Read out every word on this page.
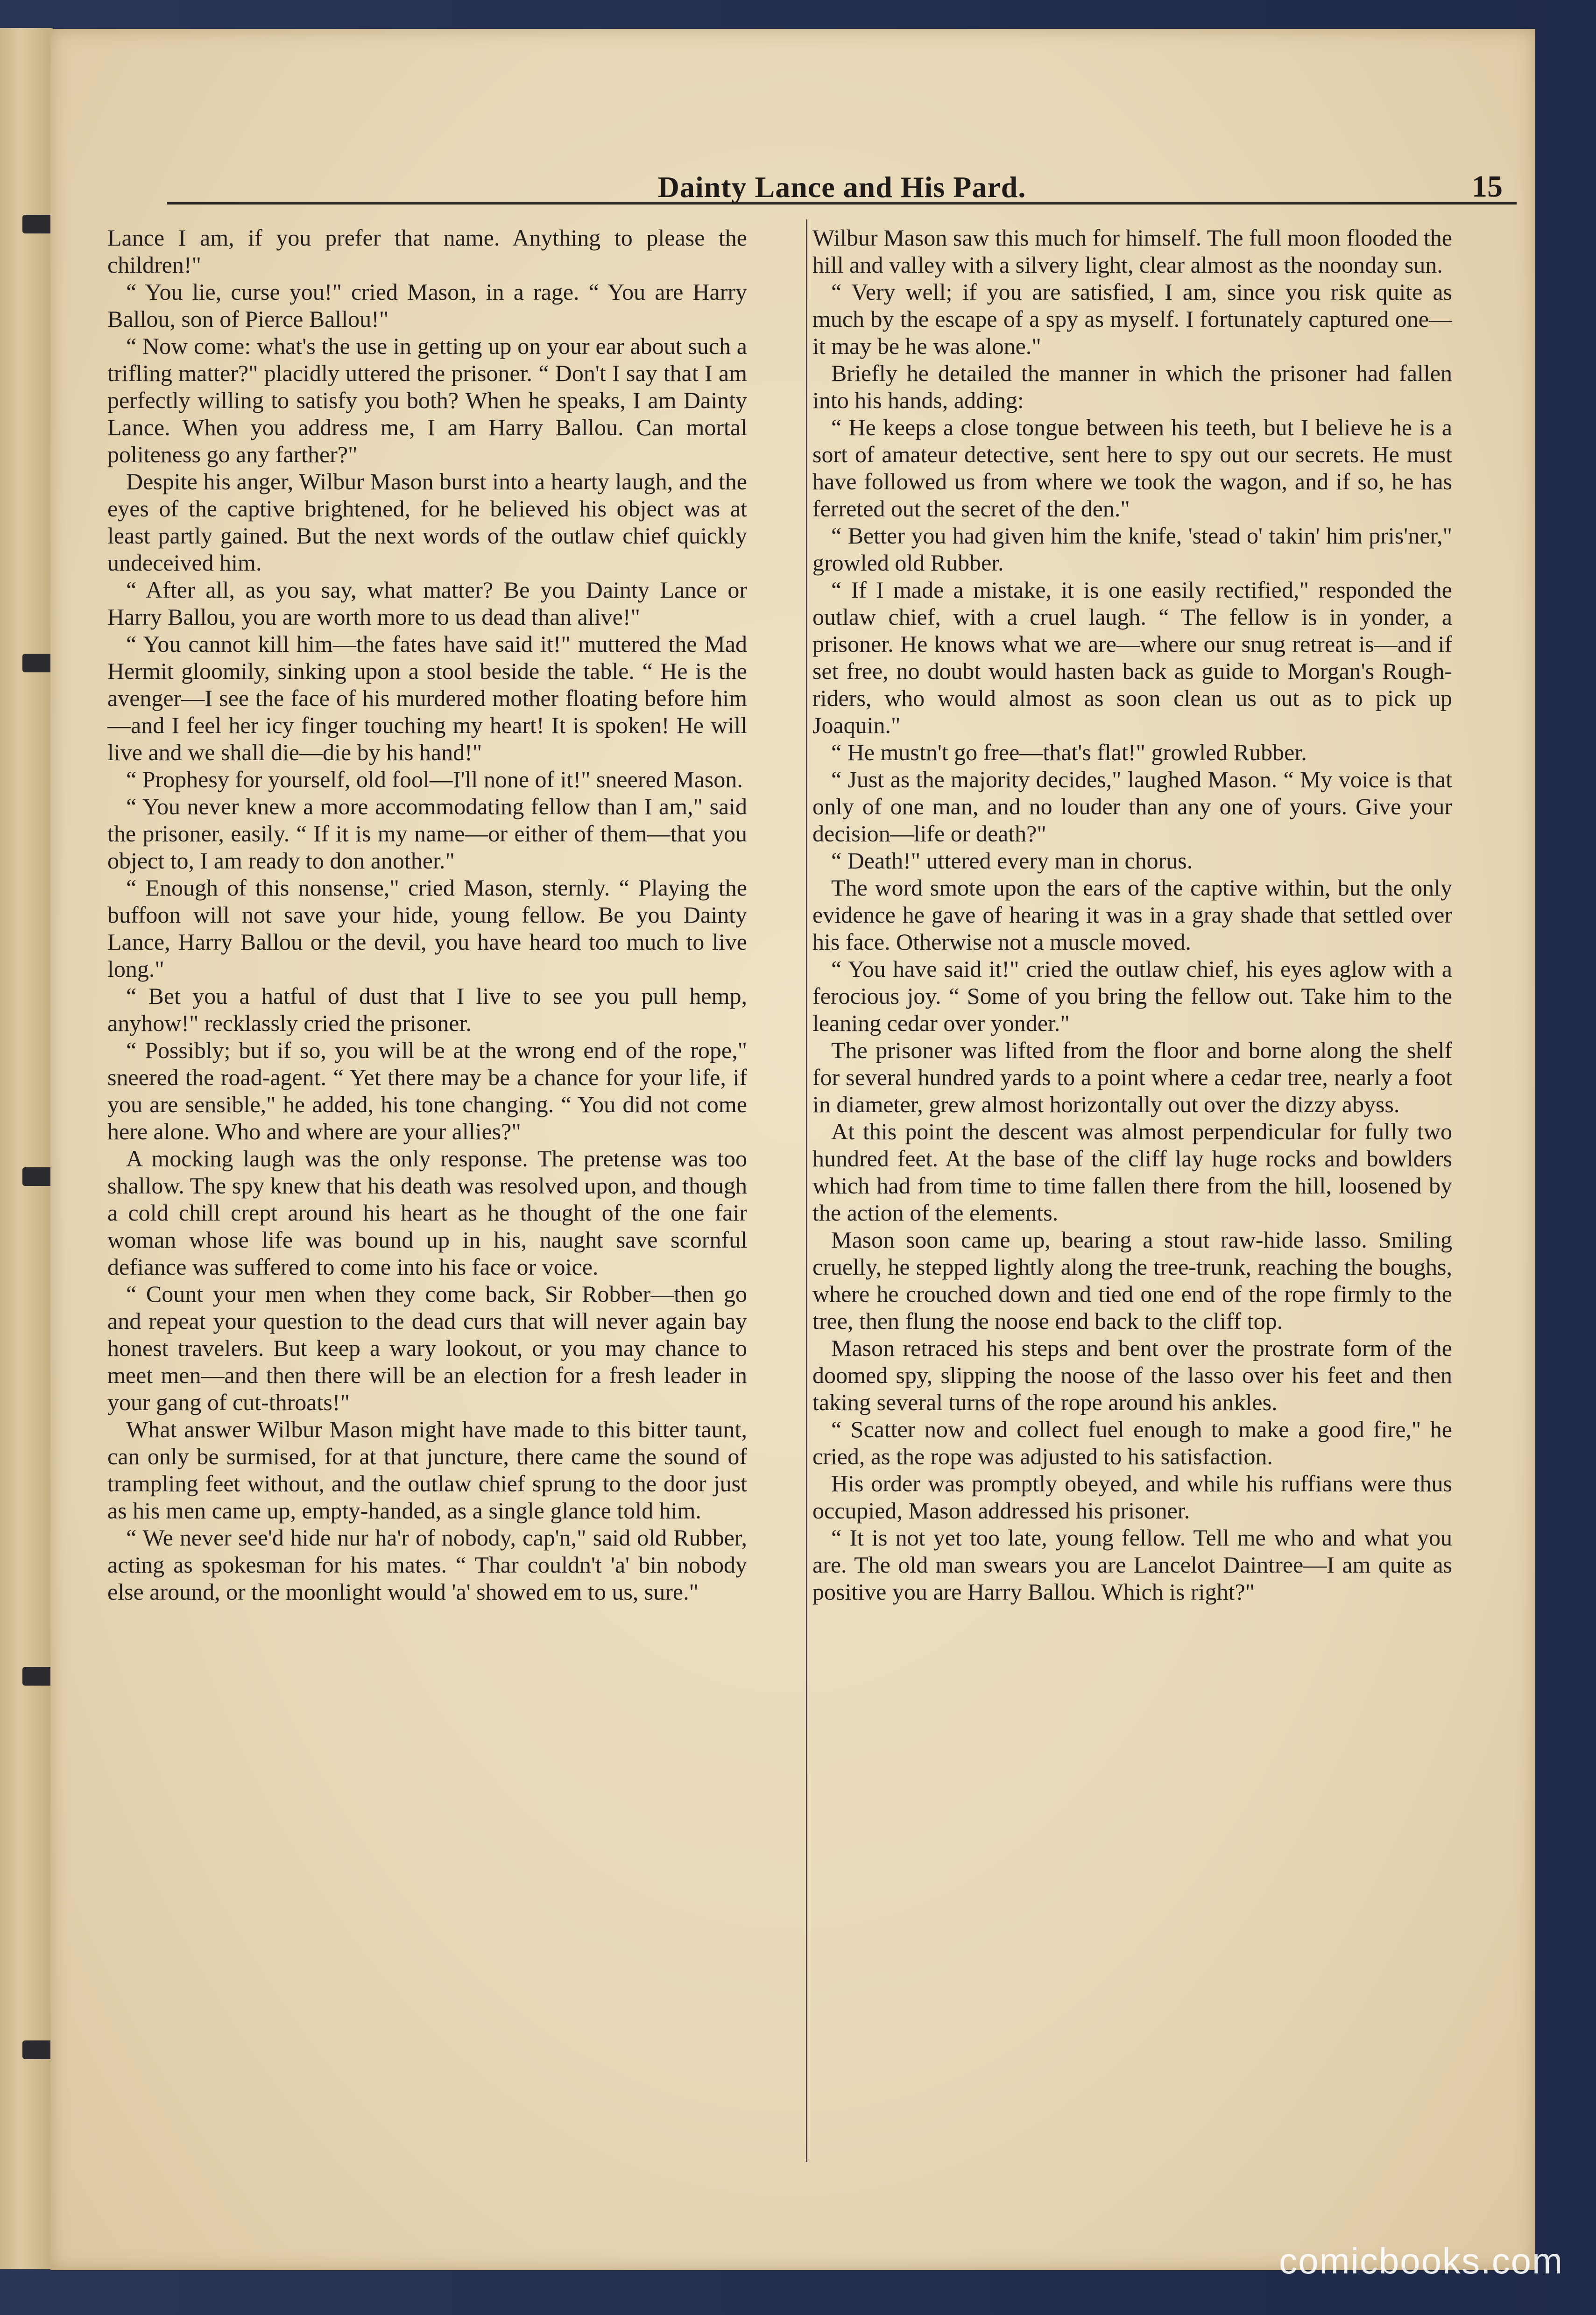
Dainty Lance and His Pard.	15

Lance I am, if you prefer that name. Anything to please the children!"

“ You lie, curse you!" cried Mason, in a rage. “ You are Harry Ballou, son of Pierce Ballou!"

“ Now come: what's the use in getting up on your ear about such a trifling matter?" placidly uttered the prisoner. “ Don't I say that I am perfectly willing to satisfy you both? When he speaks, I am Dainty Lance. When you address me, I am Harry Ballou. Can mortal politeness go any farther?"

Despite his anger, Wilbur Mason burst into a hearty laugh, and the eyes of the captive brightened, for he believed his object was at least partly gained. But the next words of the outlaw chief quickly undeceived him.

“ After all, as you say, what matter? Be you Dainty Lance or Harry Ballou, you are worth more to us dead than alive!"

“ You cannot kill him—the fates have said it!" muttered the Mad Hermit gloomily, sinking upon a stool beside the table. “ He is the avenger—I see the face of his murdered mother floating before him—and I feel her icy finger touching my heart! It is spoken! He will live and we shall die—die by his hand!"

“ Prophesy for yourself, old fool—I'll none of it!" sneered Mason.

“ You never knew a more accommodating fellow than I am," said the prisoner, easily. “ If it is my name—or either of them—that you object to, I am ready to don another."

“ Enough of this nonsense," cried Mason, sternly. “ Playing the buffoon will not save your hide, young fellow. Be you Dainty Lance, Harry Ballou or the devil, you have heard too much to live long."

“ Bet you a hatful of dust that I live to see you pull hemp, anyhow!" recklassly cried the prisoner.

“ Possibly; but if so, you will be at the wrong end of the rope," sneered the road-agent. “ Yet there may be a chance for your life, if you are sensible," he added, his tone changing. “ You did not come here alone. Who and where are your allies?"

A mocking laugh was the only response. The pretense was too shallow. The spy knew that his death was resolved upon, and though a cold chill crept around his heart as he thought of the one fair woman whose life was bound up in his, naught save scornful defiance was suffered to come into his face or voice.

“ Count your men when they come back, Sir Robber—then go and repeat your question to the dead curs that will never again bay honest travelers. But keep a wary lookout, or you may chance to meet men—and then there will be an election for a fresh leader in your gang of cut-throats!"

What answer Wilbur Mason might have made to this bitter taunt, can only be surmised, for at that juncture, there came the sound of trampling feet without, and the outlaw chief sprung to the door just as his men came up, empty-handed, as a single glance told him.

“ We never see'd hide nur ha'r of nobody, cap'n," said old Rubber, acting as spokesman for his mates. “ Thar couldn't 'a' bin nobody else around, or the moonlight would 'a' showed em to us, sure."

Wilbur Mason saw this much for himself. The full moon flooded the hill and valley with a silvery light, clear almost as the noonday sun.

“ Very well; if you are satisfied, I am, since you risk quite as much by the escape of a spy as myself. I fortunately captured one—it may be he was alone."

Briefly he detailed the manner in which the prisoner had fallen into his hands, adding:

“ He keeps a close tongue between his teeth, but I believe he is a sort of amateur detective, sent here to spy out our secrets. He must have followed us from where we took the wagon, and if so, he has ferreted out the secret of the den."

“ Better you had given him the knife, 'stead o' takin' him pris'ner," growled old Rubber.

“ If I made a mistake, it is one easily rectified," responded the outlaw chief, with a cruel laugh. “ The fellow is in yonder, a prisoner. He knows what we are—where our snug retreat is—and if set free, no doubt would hasten back as guide to Morgan's Rough-riders, who would almost as soon clean us out as to pick up Joaquin."

“ He mustn't go free—that's flat!" growled Rubber.

“ Just as the majority decides," laughed Mason. “ My voice is that only of one man, and no louder than any one of yours. Give your decision—life or death?"

“ Death!" uttered every man in chorus.

The word smote upon the ears of the captive within, but the only evidence he gave of hearing it was in a gray shade that settled over his face. Otherwise not a muscle moved.

“ You have said it!" cried the outlaw chief, his eyes aglow with a ferocious joy. “ Some of you bring the fellow out. Take him to the leaning cedar over yonder."

The prisoner was lifted from the floor and borne along the shelf for several hundred yards to a point where a cedar tree, nearly a foot in diameter, grew almost horizontally out over the dizzy abyss.

At this point the descent was almost perpendicular for fully two hundred feet. At the base of the cliff lay huge rocks and bowlders which had from time to time fallen there from the hill, loosened by the action of the elements.

Mason soon came up, bearing a stout raw-hide lasso. Smiling cruelly, he stepped lightly along the tree-trunk, reaching the boughs, where he crouched down and tied one end of the rope firmly to the tree, then flung the noose end back to the cliff top.

Mason retraced his steps and bent over the prostrate form of the doomed spy, slipping the noose of the lasso over his feet and then taking several turns of the rope around his ankles.

“ Scatter now and collect fuel enough to make a good fire," he cried, as the rope was adjusted to his satisfaction.

His order was promptly obeyed, and while his ruffians were thus occupied, Mason addressed his prisoner.

“ It is not yet too late, young fellow. Tell me who and what you are. The old man swears you are Lancelot Daintree—I am quite as positive you are Harry Ballou. Which is right?"

comicbooks.com
